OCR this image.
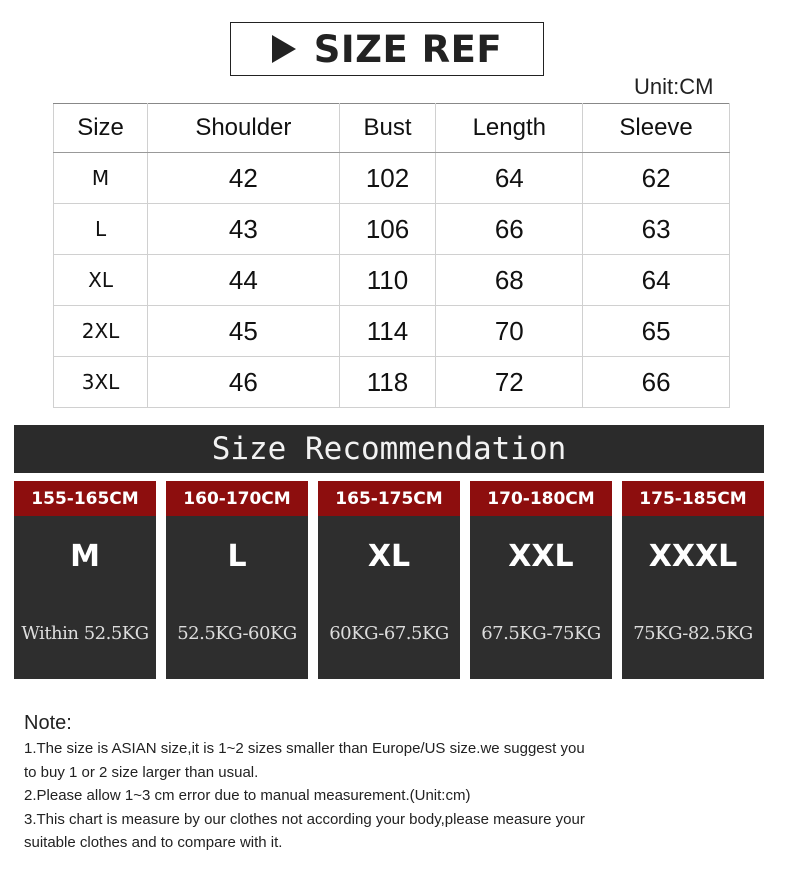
SIZE REF
Unit:CM
Size	Shoulder	Bust	Length	Sleeve
M	42	102	64	62
L	43	106	66	63
XL	44	110	68	64
2XL	45	114	70	65
3XL	46	118	72	66
Size Recommendation
155-165CM
M
Within 52.5KG
160-170CM
L
52.5KG-60KG
165-175CM
XL
60KG-67.5KG
170-180CM
XXL
67.5KG-75KG
175-185CM
XXXL
75KG-82.5KG
Note:
1.The size is ASIAN size,it is 1~2 sizes smaller than Europe/US size.we suggest you
to buy 1 or 2 size larger than usual.
2.Please allow 1~3 cm error due to manual measurement.(Unit:cm)
3.This chart is measure by our clothes not according your body,please measure your
suitable clothes and to compare with it.
